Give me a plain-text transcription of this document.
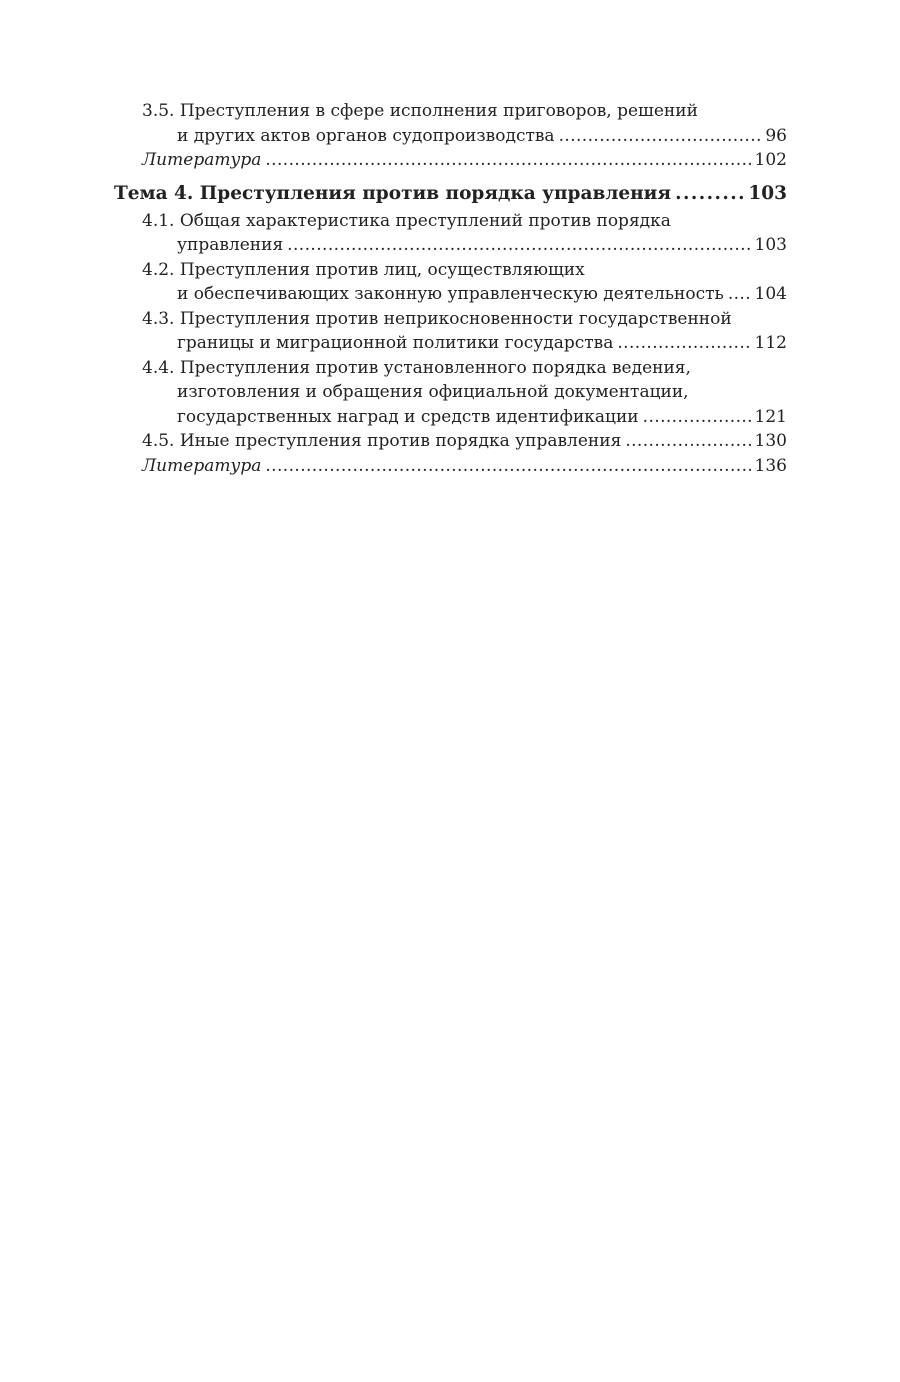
3.5. Преступления в сфере исполнения приговоров, решений
и других актов органов судопроизводства . . .	96
Литература . . .	102
Тема 4. Преступления против порядка управления . . .	103
4.1. Общая характеристика преступлений против порядка
управления . . .	103
4.2. Преступления против лиц, осуществляющих
и обеспечивающих законную управленческую деятельность . . . 104
4.3. Преступления против неприкосновенности государственной
границы и миграционной политики государства . . .	112
4.4. Преступления против установленного порядка ведения,
изготовления и обращения официальной документации,
государственных наград и средств идентификации . . .	121
4.5. Иные преступления против порядка управления . . .	130
Литература . . .	136
